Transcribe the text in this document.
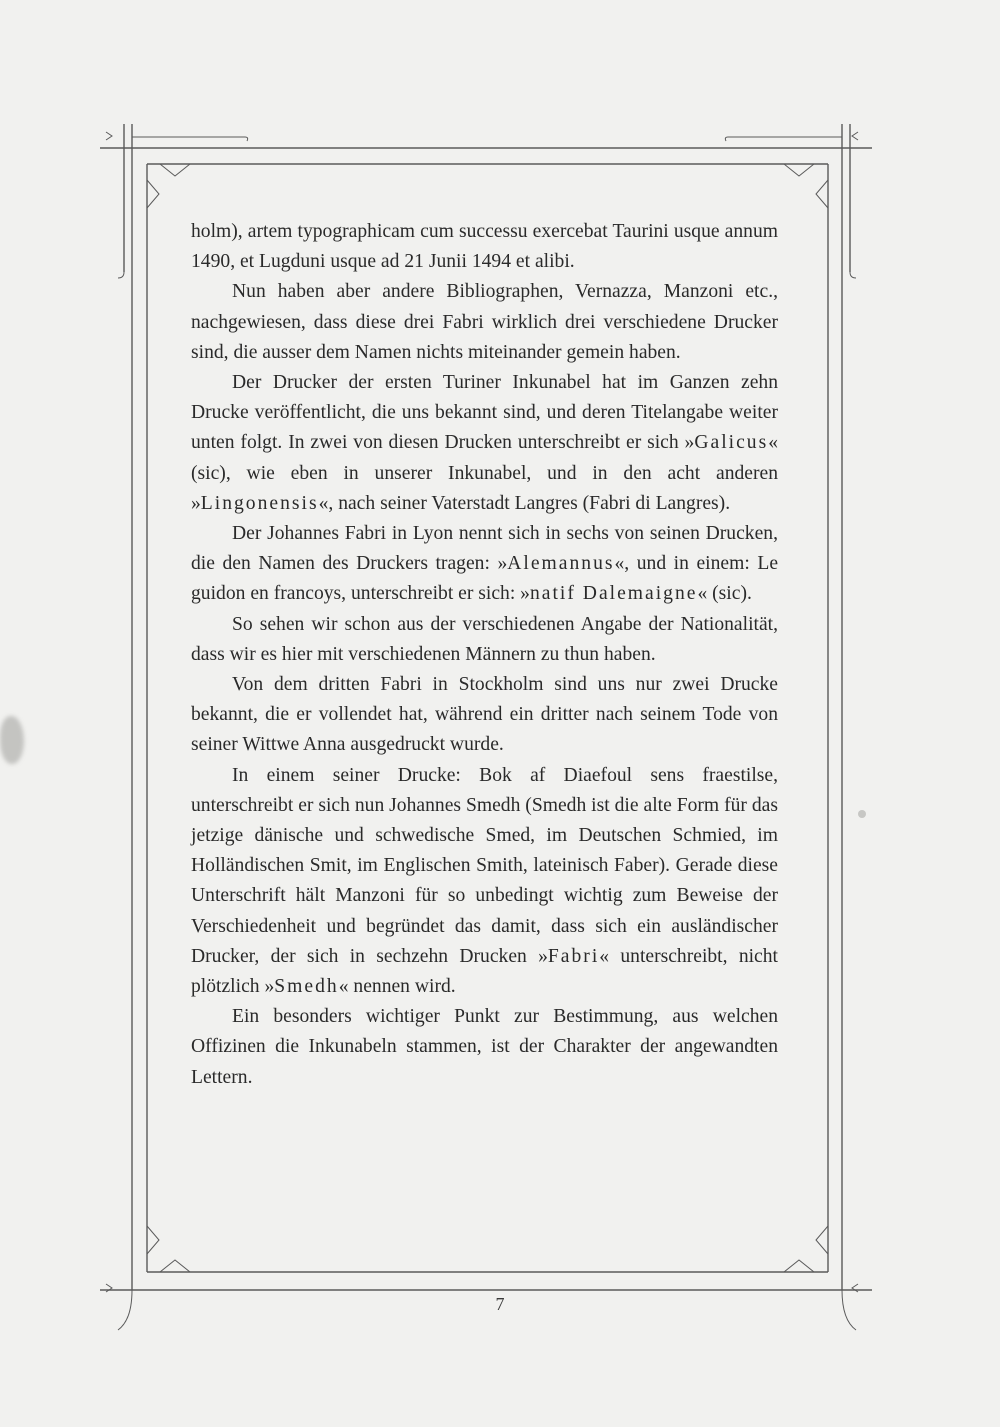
holm), artem typographicam cum successu exercebat Taurini usque annum 1490, et Lugduni usque ad 21 Junii 1494 et alibi.

Nun haben aber andere Bibliographen, Vernazza, Manzoni etc., nachgewiesen, dass diese drei Fabri wirklich drei verschiedene Drucker sind, die ausser dem Namen nichts miteinander gemein haben.

Der Drucker der ersten Turiner Inkunabel hat im Ganzen zehn Drucke veröffentlicht, die uns bekannt sind, und deren Titelangabe weiter unten folgt. In zwei von diesen Drucken unterschreibt er sich »Galicus« (sic), wie eben in unserer Inkunabel, und in den acht anderen »Lingonensis«, nach seiner Vaterstadt Langres (Fabri di Langres).

Der Johannes Fabri in Lyon nennt sich in sechs von seinen Drucken, die den Namen des Druckers tragen: »Alemannus«, und in einem: Le guidon en francoys, unterschreibt er sich: »natif Dalemaigne« (sic).

So sehen wir schon aus der verschiedenen Angabe der Nationalität, dass wir es hier mit verschiedenen Männern zu thun haben.

Von dem dritten Fabri in Stockholm sind uns nur zwei Drucke bekannt, die er vollendet hat, während ein dritter nach seinem Tode von seiner Wittwe Anna ausgedruckt wurde.

In einem seiner Drucke: Bok af Diaefoul sens fraestilse, unterschreibt er sich nun Johannes Smedh (Smedh ist die alte Form für das jetzige dänische und schwedische Smed, im Deutschen Schmied, im Holländischen Smit, im Englischen Smith, lateinisch Faber). Gerade diese Unterschrift hält Manzoni für so unbedingt wichtig zum Beweise der Verschiedenheit und begründet das damit, dass sich ein ausländischer Drucker, der sich in sechzehn Drucken »Fabri« unterschreibt, nicht plötzlich »Smedh« nennen wird.

Ein besonders wichtiger Punkt zur Bestimmung, aus welchen Offizinen die Inkunabeln stammen, ist der Charakter der angewandten Lettern.

7
